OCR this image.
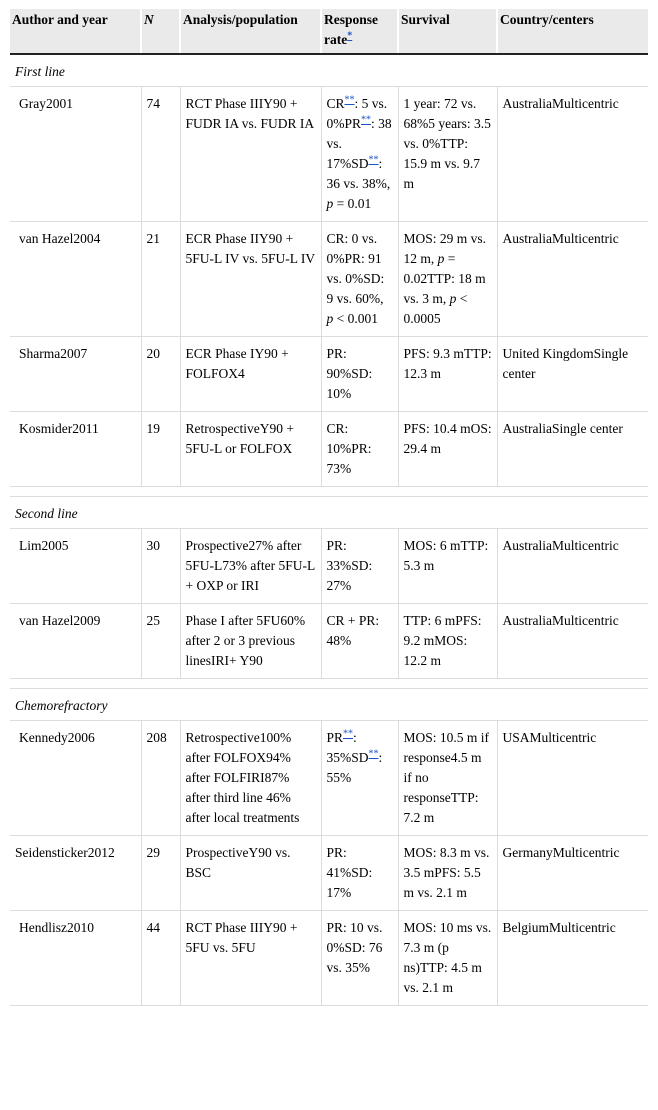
Author and year	N	Analysis/population	Response rate*	Survival	Country/centers
First line					
Gray2001	74	RCT Phase IIIY90 + FUDR IA vs. FUDR IA	CR**: 5 vs. 0%PR**: 38 vs. 17%SD**: 36 vs. 38%, p = 0.01	1 year: 72 vs. 68%5 years: 3.5 vs. 0%TTP: 15.9 m vs. 9.7 m	AustraliaMulticentric
van Hazel2004	21	ECR Phase IIY90 + 5FU-L IV vs. 5FU-L IV	CR: 0 vs. 0%PR: 91 vs. 0%SD: 9 vs. 60%, p < 0.001	MOS: 29 m vs. 12 m, p = 0.02TTP: 18 m vs. 3 m, p < 0.0005	AustraliaMulticentric
Sharma2007	20	ECR Phase IY90 + FOLFOX4	PR: 90%SD: 10%	PFS: 9.3 mTTP: 12.3 m	United KingdomSingle center
Kosmider2011	19	RetrospectiveY90 + 5FU-L or FOLFOX	CR: 10%PR: 73%	PFS: 10.4 mOS: 29.4 m	AustraliaSingle center

Second line					
Lim2005	30	Prospective27% after 5FU-L73% after 5FU-L + OXP or IRI	PR: 33%SD: 27%	MOS: 6 mTTP: 5.3 m	AustraliaMulticentric
van Hazel2009	25	Phase I after 5FU60% after 2 or 3 previous linesIRI+ Y90	CR + PR: 48%	TTP: 6 mPFS: 9.2 mMOS: 12.2 m	AustraliaMulticentric

Chemorefractory					
Kennedy2006	208	Retrospective100% after FOLFOX94% after FOLFIRI87% after third line 46% after local treatments	PR**: 35%SD**: 55%	MOS: 10.5 m if response4.5 m if no responseTTP: 7.2 m	USAMulticentric
Seidensticker2012	29	ProspectiveY90 vs. BSC	PR: 41%SD: 17%	MOS: 8.3 m vs. 3.5 mPFS: 5.5 m vs. 2.1 m	GermanyMulticentric
Hendlisz2010	44	RCT Phase IIIY90 + 5FU vs. 5FU	PR: 10 vs. 0%SD: 76 vs. 35%	MOS: 10 ms vs. 7.3 m (p ns)TTP: 4.5 m vs. 2.1 m	BelgiumMulticentric
